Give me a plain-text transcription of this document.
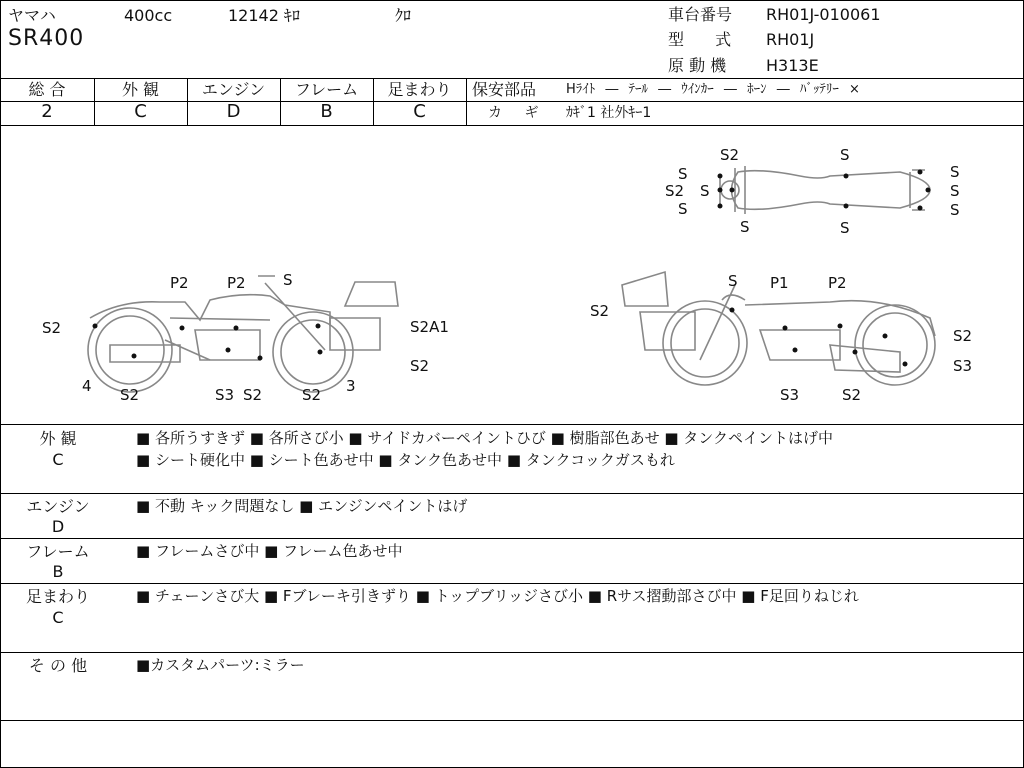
ヤマハ	400cc	12142 ｷﾛ	ｸﾛ
SR400
車台番号 RH01J-010061
型 式 RH01J
原 動 機 H313E
総 合	外 観	エンジン	フレーム	足まわり
2	C	D	B	C
保安部品 Hﾗｲﾄ ― ﾃｰﾙ ― ｳｲﾝｶｰ ― ﾎｰﾝ ― ﾊﾞｯﾃﾘｰ ×
カ ギ ｶｷﾞ1 社外ｷｰ1
S2	S
S
S2
S
S	S
S
S
S
S
P2	P2 S
S2	S2A1
S2
4 S2	S3 S2	S2 3
S P1	P2
S2
S2
S3
S3	S2
外 観
C
■ 各所うすきず ■ 各所さび小 ■ サイドカバーペイントひび ■ 樹脂部色あせ ■ タンクペイントはげ中
■ シート硬化中 ■ シート色あせ中 ■ タンク色あせ中 ■ タンクコックガスもれ
エンジン
D
■ 不動 キック問題なし ■ エンジンペイントはげ
フレーム
B
■ フレームさび中 ■ フレーム色あせ中
足まわり
C
■ チェーンさび大 ■ Fブレーキ引きずり ■ トップブリッジさび小 ■ Rサス摺動部さび中 ■ F足回りねじれ
そ の 他	■カスタムパーツ:ミラー
